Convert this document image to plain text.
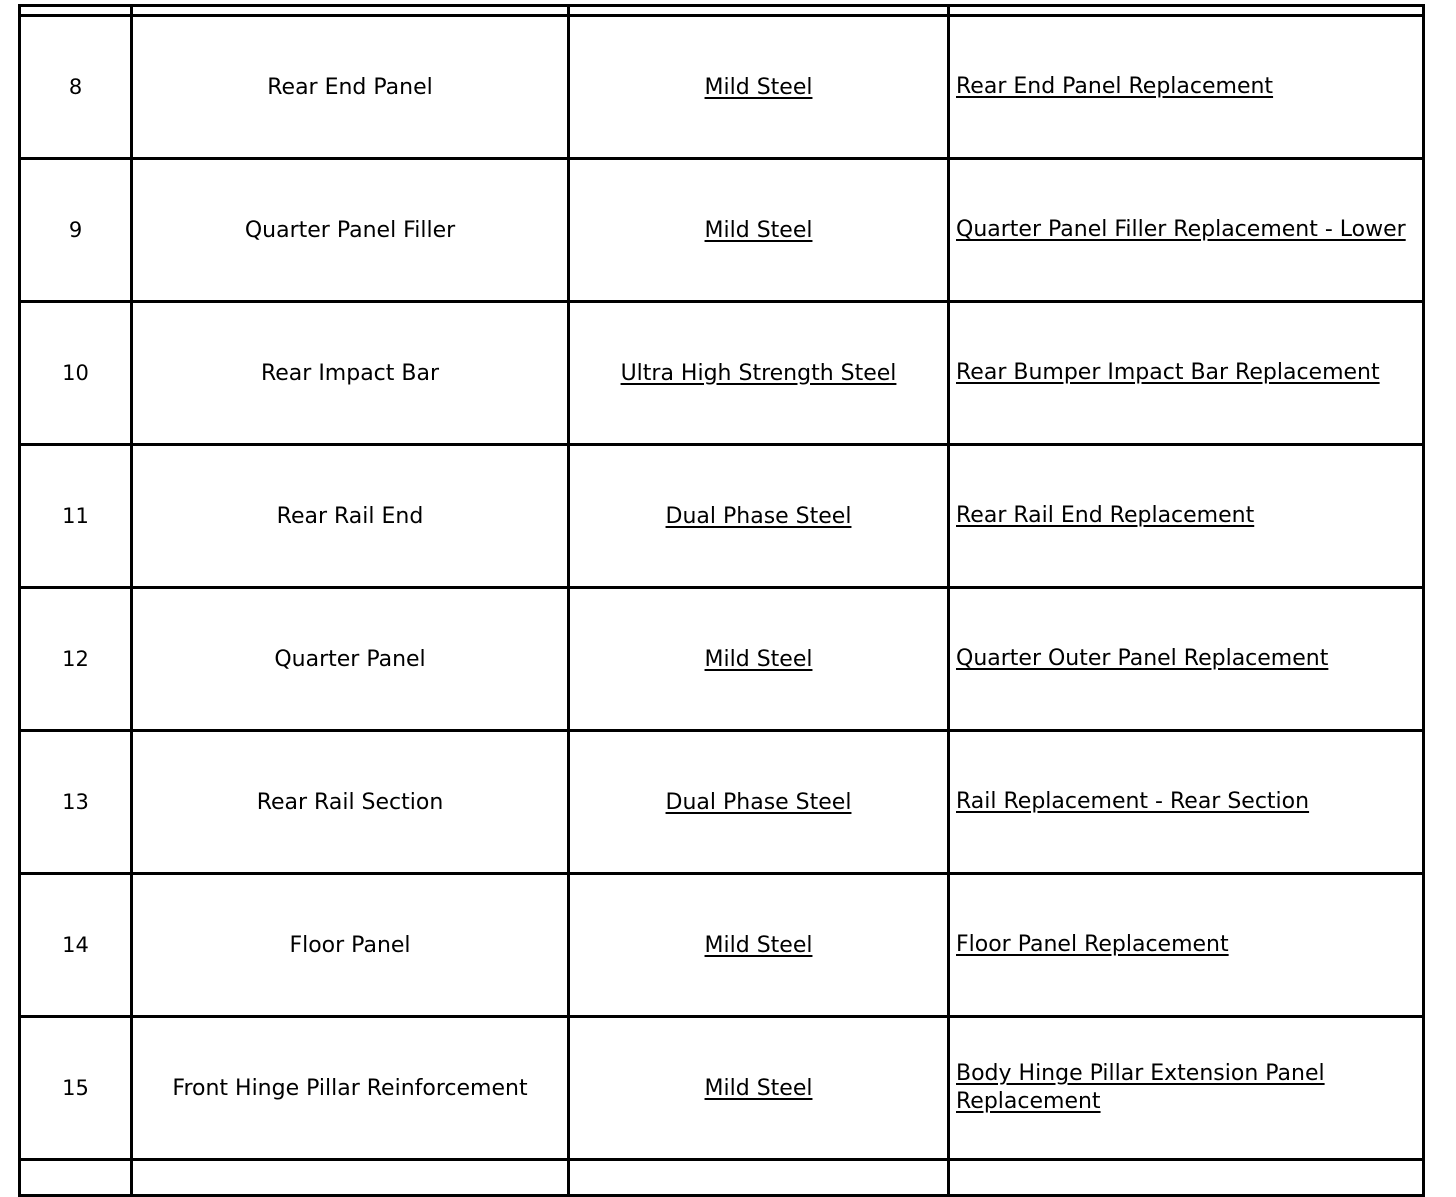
8	Rear End Panel	Mild Steel	Rear End Panel Replacement

9	Quarter Panel Filler	Mild Steel	Quarter Panel Filler Replacement - Lower

10	Rear Impact Bar	Ultra High Strength Steel	Rear Bumper Impact Bar Replacement

11	Rear Rail End	Dual Phase Steel	Rear Rail End Replacement

12	Quarter Panel	Mild Steel	Quarter Outer Panel Replacement

13	Rear Rail Section	Dual Phase Steel	Rail Replacement - Rear Section

14	Floor Panel	Mild Steel	Floor Panel Replacement

15	Front Hinge Pillar Reinforcement	Mild Steel	Body Hinge Pillar Extension Panel Replacement
